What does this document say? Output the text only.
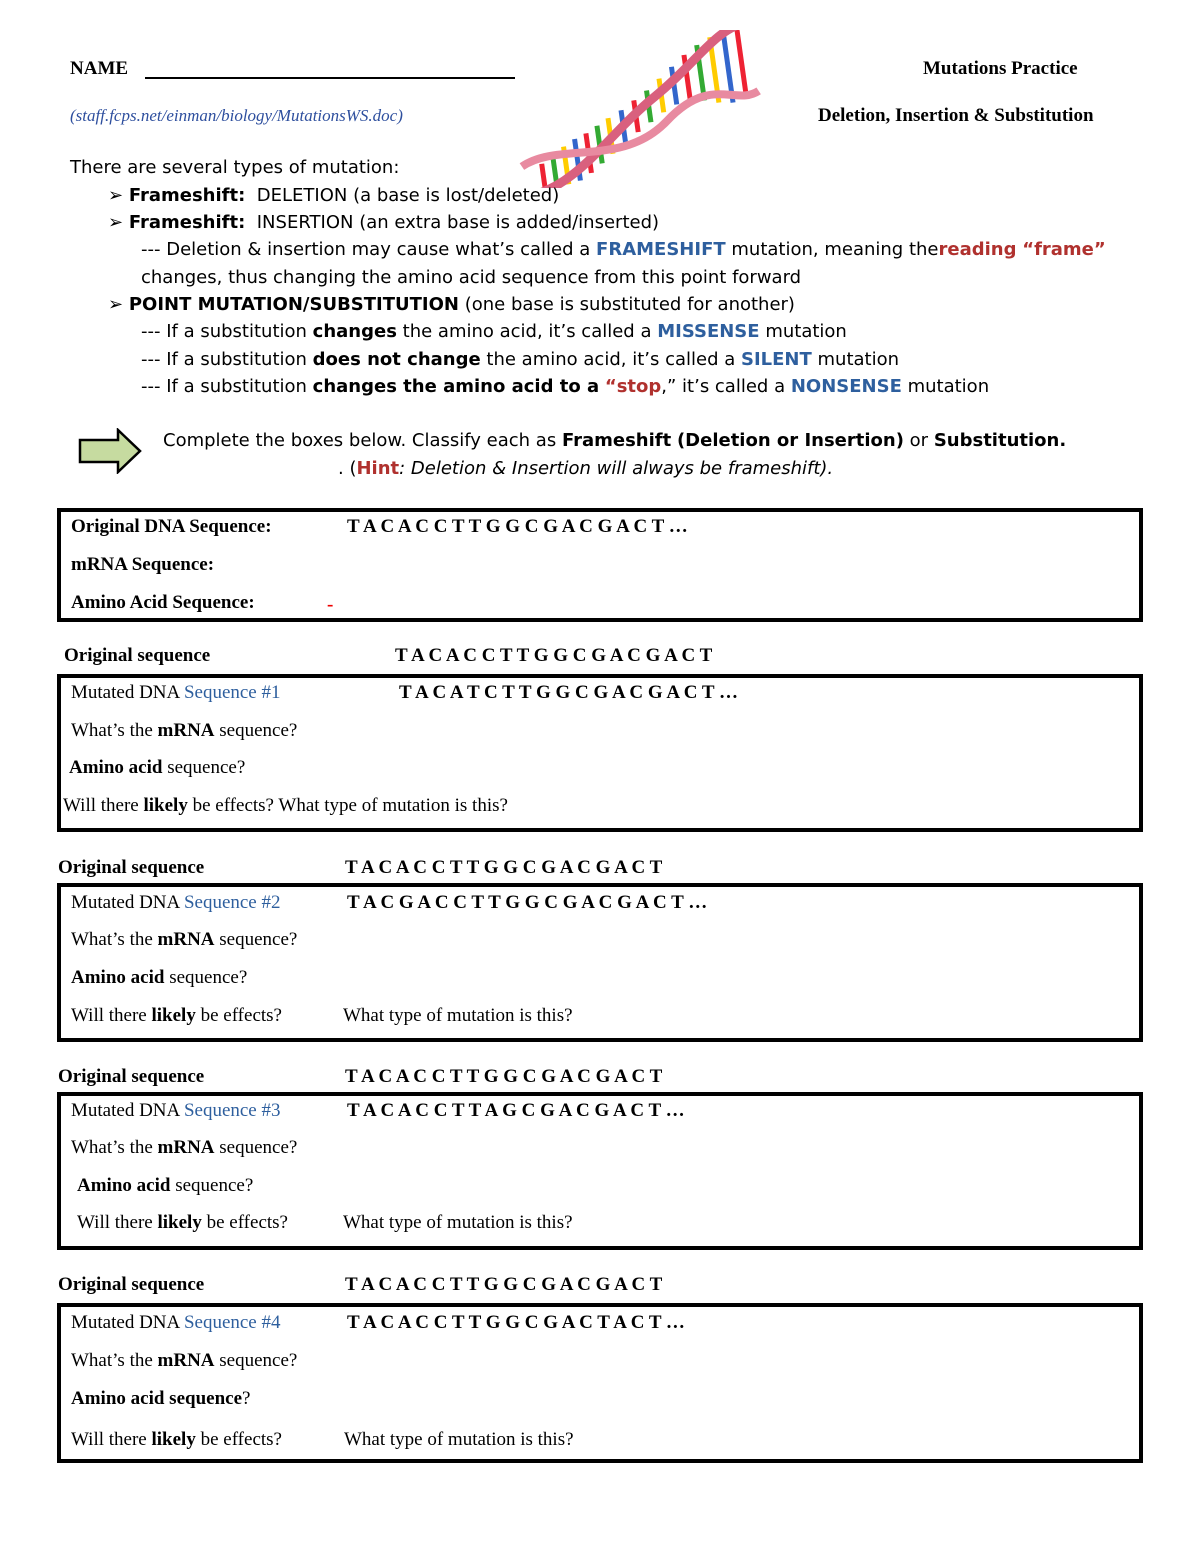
NAME	Mutations Practice
(staff.fcps.net/einman/biology/MutationsWS.doc)	Deletion, Insertion & Substitution
There are several types of mutation:
➢ Frameshift: DELETION (a base is lost/deleted)
➢ Frameshift: INSERTION (an extra base is added/inserted)
--- Deletion & insertion may cause what’s called a FRAMESHIFT mutation, meaning thereading “frame”
changes, thus changing the amino acid sequence from this point forward
➢ POINT MUTATION/SUBSTITUTION (one base is substituted for another)
--- If a substitution changes the amino acid, it’s called a MISSENSE mutation
--- If a substitution does not change the amino acid, it’s called a SILENT mutation
--- If a substitution changes the amino acid to a “stop,” it’s called a NONSENSE mutation
Complete the boxes below. Classify each as Frameshift (Deletion or Insertion) or Substitution.
. (Hint: Deletion & Insertion will always be frameshift).
Original DNA Sequence:	T A C A C C T T G G C G A C G A C T …
mRNA Sequence:
Amino Acid Sequence:	-
Original sequence	T A C A C C T T G G C G A C G A C T
Mutated DNA Sequence #1	T A C A T C T T G G C G A C G A C T …
What’s the mRNA sequence?
Amino acid sequence?
Will there likely be effects? What type of mutation is this?
Original sequence	T A C A C C T T G G C G A C G A C T
Mutated DNA Sequence #2	T A C G A C C T T G G C G A C G A C T …
What’s the mRNA sequence?
Amino acid sequence?
Will there likely be effects?	What type of mutation is this?
Original sequence	T A C A C C T T G G C G A C G A C T
Mutated DNA Sequence #3	T A C A C C T T A G C G A C G A C T …
What’s the mRNA sequence?
Amino acid sequence?
Will there likely be effects?	What type of mutation is this?
Original sequence	T A C A C C T T G G C G A C G A C T
Mutated DNA Sequence #4	T A C A C C T T G G C G A C T A C T …
What’s the mRNA sequence?
Amino acid sequence?
Will there likely be effects?	What type of mutation is this?
